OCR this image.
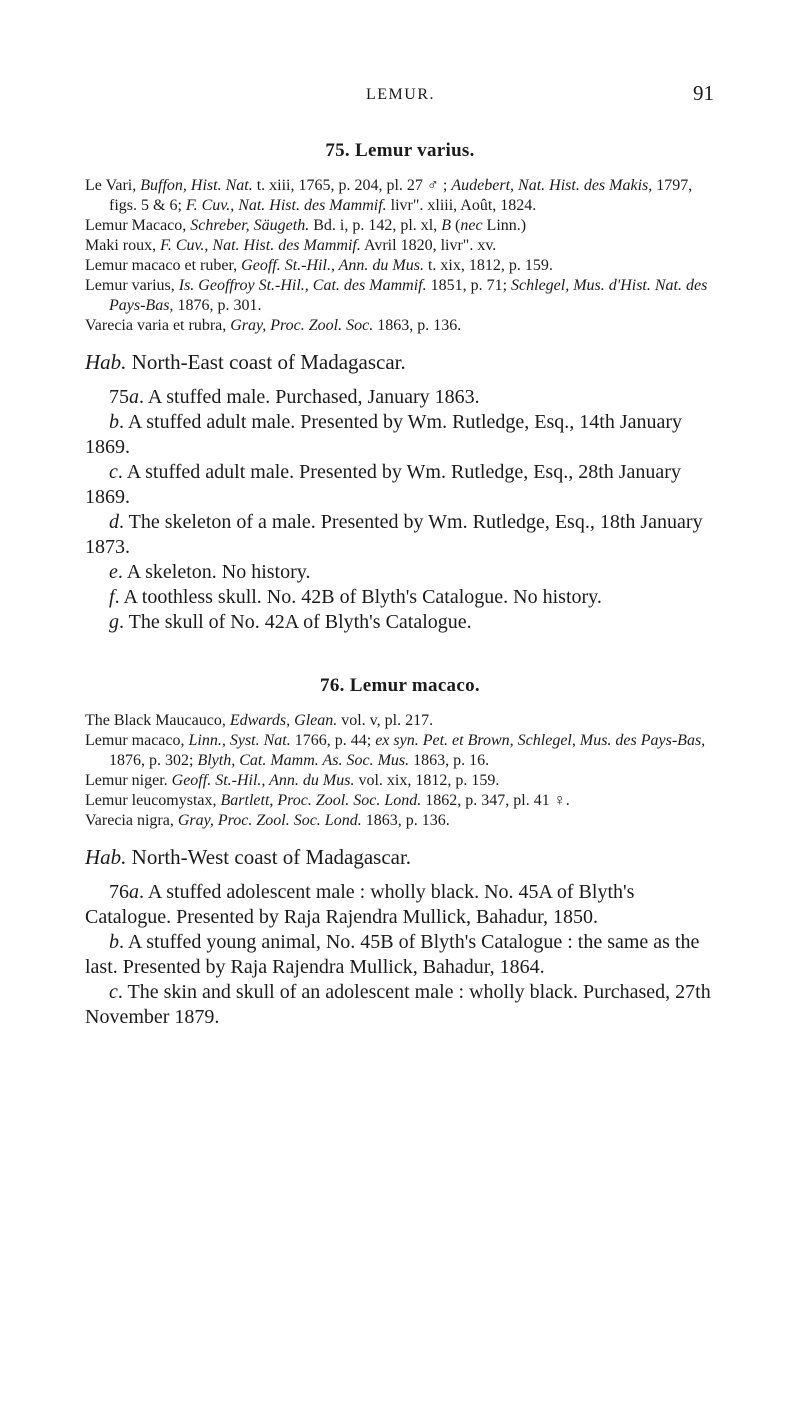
LEMUR.	91
75. Lemur varius.

Le Vari, Buffon, Hist. Nat. t. xiii, 1765, p. 204, pl. 27 ♂ ; Audebert, Nat. Hist. des Makis, 1797, figs. 5 & 6; F. Cuv., Nat. Hist. des Mammif. livr". xliii, Août, 1824.

Lemur Macaco, Schreber, Säugeth. Bd. i, p. 142, pl. xl, B (nec Linn.)

Maki roux, F. Cuv., Nat. Hist. des Mammif. Avril 1820, livr". xv.

Lemur macaco et ruber, Geoff. St.-Hil., Ann. du Mus. t. xix, 1812, p. 159.

Lemur varius, Is. Geoffroy St.-Hil., Cat. des Mammif. 1851, p. 71; Schlegel, Mus. d'Hist. Nat. des Pays-Bas, 1876, p. 301.

Varecia varia et rubra, Gray, Proc. Zool. Soc. 1863, p. 136.

Hab. North-East coast of Madagascar.

75a. A stuffed male. Purchased, January 1863.

b. A stuffed adult male. Presented by Wm. Rutledge, Esq., 14th January 1869.

c. A stuffed adult male. Presented by Wm. Rutledge, Esq., 28th January 1869.

d. The skeleton of a male. Presented by Wm. Rutledge, Esq., 18th January 1873.

e. A skeleton. No history.

f. A toothless skull. No. 42B of Blyth's Catalogue. No history.

g. The skull of No. 42A of Blyth's Catalogue.

76. Lemur macaco.

The Black Maucauco, Edwards, Glean. vol. v, pl. 217.

Lemur macaco, Linn., Syst. Nat. 1766, p. 44; ex syn. Pet. et Brown, Schlegel, Mus. des Pays-Bas, 1876, p. 302; Blyth, Cat. Mamm. As. Soc. Mus. 1863, p. 16.

Lemur niger. Geoff. St.-Hil., Ann. du Mus. vol. xix, 1812, p. 159.

Lemur leucomystax, Bartlett, Proc. Zool. Soc. Lond. 1862, p. 347, pl. 41 ♀.

Varecia nigra, Gray, Proc. Zool. Soc. Lond. 1863, p. 136.

Hab. North-West coast of Madagascar.

76a. A stuffed adolescent male : wholly black. No. 45A of Blyth's Catalogue. Presented by Raja Rajendra Mullick, Bahadur, 1850.

b. A stuffed young animal, No. 45B of Blyth's Catalogue : the same as the last. Presented by Raja Rajendra Mullick, Bahadur, 1864.

c. The skin and skull of an adolescent male : wholly black. Purchased, 27th November 1879.
